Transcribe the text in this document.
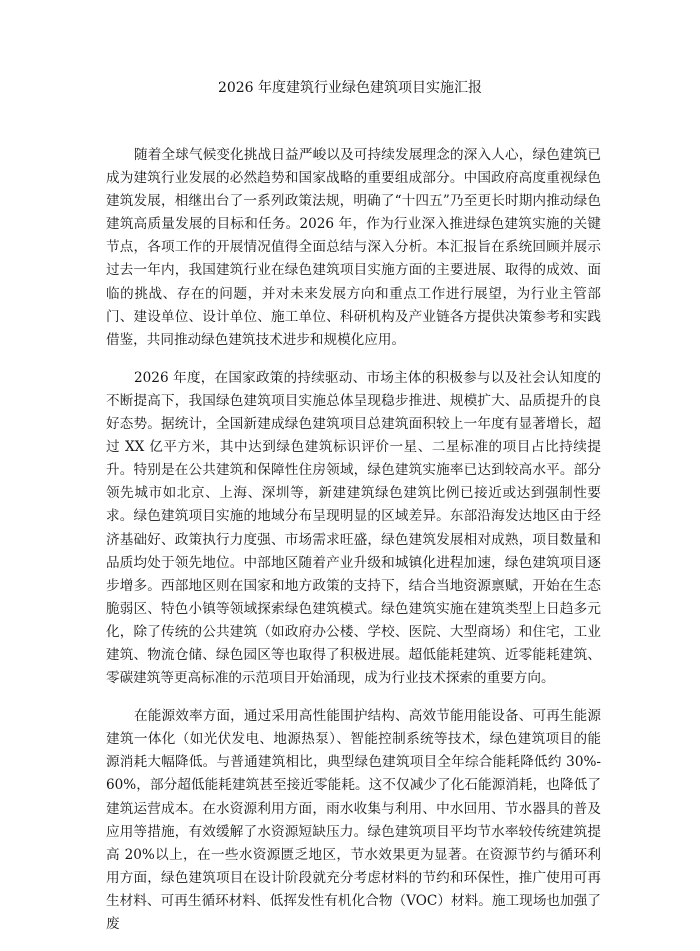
2026 年度建筑行业绿色建筑项目实施汇报

随着全球气候变化挑战日益严峻以及可持续发展理念的深入人心，绿色建筑已成为建筑行业发展的必然趋势和国家战略的重要组成部分。中国政府高度重视绿色建筑发展，相继出台了一系列政策法规，明确了“十四五”乃至更长时期内推动绿色建筑高质量发展的目标和任务。2026 年，作为行业深入推进绿色建筑实施的关键节点，各项工作的开展情况值得全面总结与深入分析。本汇报旨在系统回顾并展示过去一年内，我国建筑行业在绿色建筑项目实施方面的主要进展、取得的成效、面临的挑战、存在的问题，并对未来发展方向和重点工作进行展望，为行业主管部门、建设单位、设计单位、施工单位、科研机构及产业链各方提供决策参考和实践借鉴，共同推动绿色建筑技术进步和规模化应用。

2026 年度，在国家政策的持续驱动、市场主体的积极参与以及社会认知度的不断提高下，我国绿色建筑项目实施总体呈现稳步推进、规模扩大、品质提升的良好态势。据统计，全国新建成绿色建筑项目总建筑面积较上一年度有显著增长，超过 XX 亿平方米，其中达到绿色建筑标识评价一星、二星标准的项目占比持续提升。特别是在公共建筑和保障性住房领域，绿色建筑实施率已达到较高水平。部分领先城市如北京、上海、深圳等，新建建筑绿色建筑比例已接近或达到强制性要求。绿色建筑项目实施的地域分布呈现明显的区域差异。东部沿海发达地区由于经济基础好、政策执行力度强、市场需求旺盛，绿色建筑发展相对成熟，项目数量和品质均处于领先地位。中部地区随着产业升级和城镇化进程加速，绿色建筑项目逐步增多。西部地区则在国家和地方政策的支持下，结合当地资源禀赋，开始在生态脆弱区、特色小镇等领域探索绿色建筑模式。绿色建筑实施在建筑类型上日趋多元化，除了传统的公共建筑（如政府办公楼、学校、医院、大型商场）和住宅，工业建筑、物流仓储、绿色园区等也取得了积极进展。超低能耗建筑、近零能耗建筑、零碳建筑等更高标准的示范项目开始涌现，成为行业技术探索的重要方向。

在能源效率方面，通过采用高性能围护结构、高效节能用能设备、可再生能源建筑一体化（如光伏发电、地源热泵）、智能控制系统等技术，绿色建筑项目的能源消耗大幅降低。与普通建筑相比，典型绿色建筑项目全年综合能耗降低约 30%-60%，部分超低能耗建筑甚至接近零能耗。这不仅减少了化石能源消耗，也降低了建筑运营成本。在水资源利用方面，雨水收集与利用、中水回用、节水器具的普及应用等措施，有效缓解了水资源短缺压力。绿色建筑项目平均节水率较传统建筑提高 20%以上，在一些水资源匮乏地区，节水效果更为显著。在资源节约与循环利用方面，绿色建筑项目在设计阶段就充分考虑材料的节约和环保性，推广使用可再生材料、可再生循环材料、低挥发性有机化合物（VOC）材料。施工现场也加强了废
